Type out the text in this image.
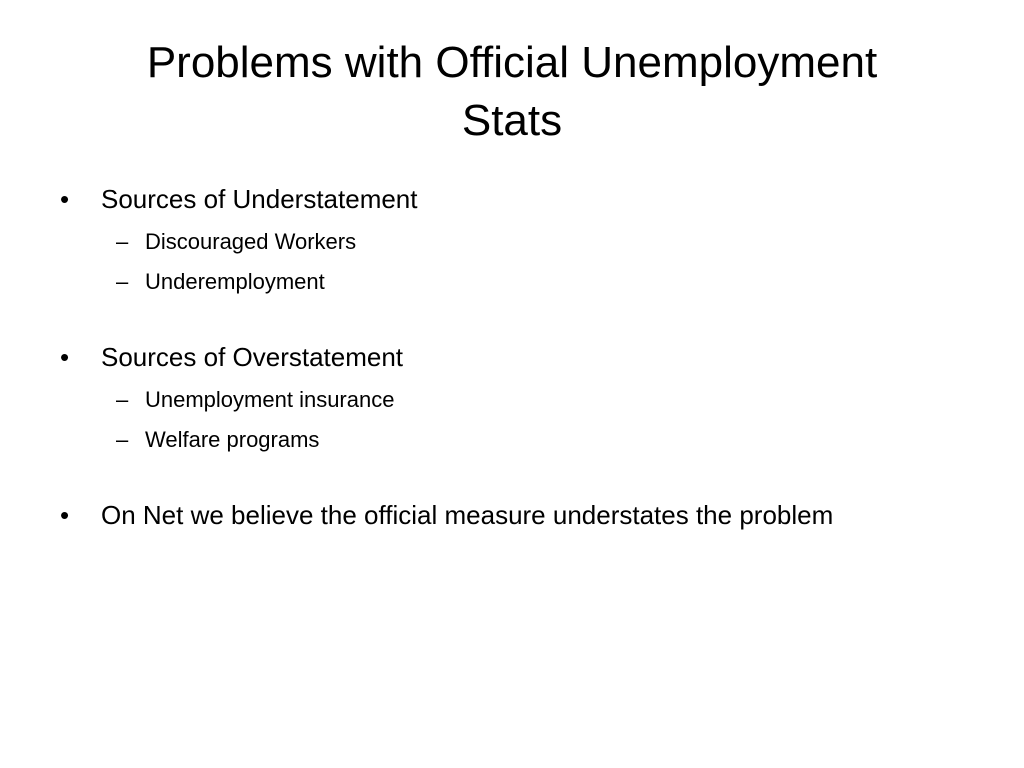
Problems with Official Unemployment
Stats
•	Sources of Understatement
– Discouraged Workers
– Underemployment
•	Sources of Overstatement
– Unemployment insurance
– Welfare programs
•	On Net we believe the official measure understates the problem
